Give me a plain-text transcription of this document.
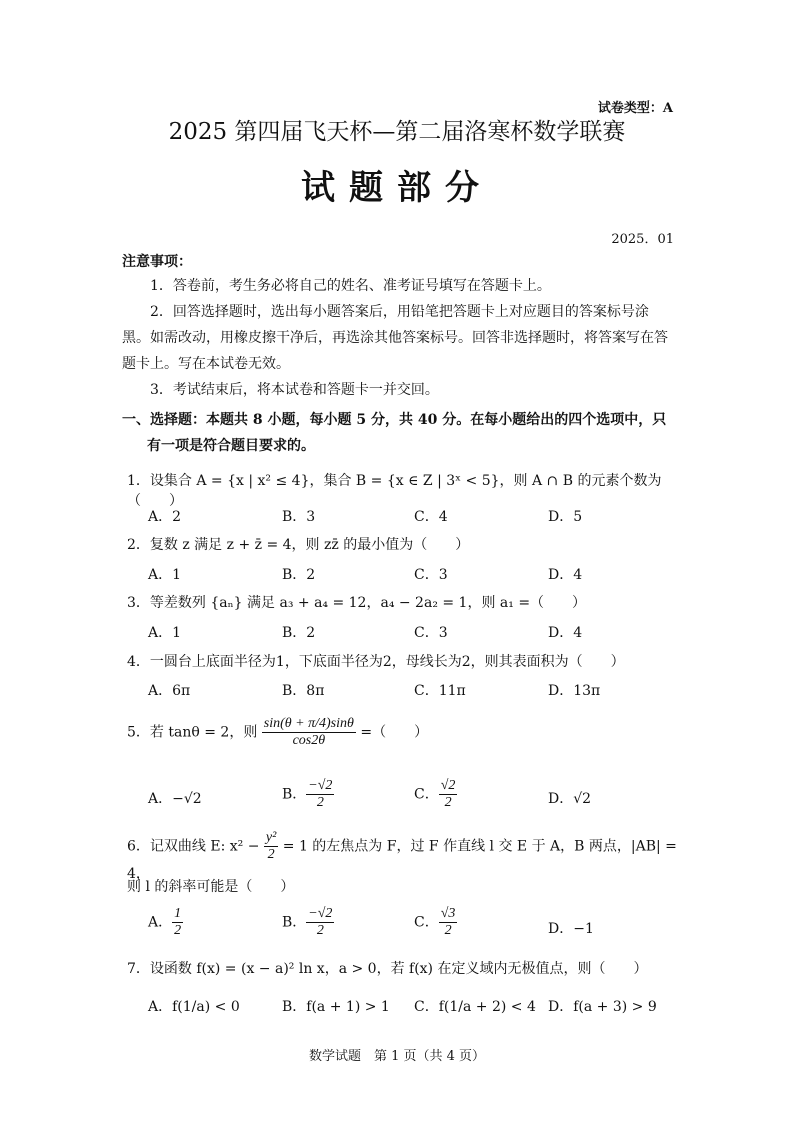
试卷类型：A
2025 第四届飞天杯—第二届洛寒杯数学联赛
试题部分
2025．01
注意事项：

1．答卷前，考生务必将自己的姓名、准考证号填写在答题卡上。

2．回答选择题时，选出每小题答案后，用铅笔把答题卡上对应题目的答案标号涂黑。如需改动，用橡皮擦干净后，再选涂其他答案标号。回答非选择题时，将答案写在答题卡上。写在本试卷无效。

3．考试结束后，将本试卷和答题卡一并交回。

一、选择题：本题共 8 小题，每小题 5 分，共 40 分。在每小题给出的四个选项中，只
有一项是符合题目要求的。
1．设集合 A = {x | x² ≤ 4}，集合 B = {x ∈ Z | 3ˣ < 5}，则 A ∩ B 的元素个数为（　　）
A．2	B．3	C．4	D．5
2．复数 z 满足 z + z̄ = 4，则 zz̄ 的最小值为（　　）
A．1	B．2	C．3	D．4
3．等差数列 {aₙ} 满足 a₃ + a₄ = 12，a₄ − 2a₂ = 1，则 a₁ =（　　）
A．1	B．2	C．3	D．4
4．一圆台上底面半径为1，下底面半径为2，母线长为2，则其表面积为（　　）
A．6π	B．8π	C．11π	D．13π
5．若 tanθ = 2，则 $\frac{\sin(\theta + \pi/4)\sin\theta}{\cos 2\theta}$ =（　　）
A．−√2	B． $\frac{-√2}{2}$	C． $\frac{√2}{2}$	D．√2
6．记双曲线 E: $x^2 - \frac{\text{y²}}{2} = 1$ 的左焦点为 F，过 F 作直线 l 交 E 于 A，B 两点，|AB| = 4，
则 l 的斜率可能是（　　）
A． $\frac{1}{2}$	B． $\frac{-√2}{2}$	C． $\frac{√3}{2}$	D．−1
7．设函数 f(x) = (x − a)² ln x，a > 0，若 f(x) 在定义域内无极值点，则（　　）
A．f(1/a) < 0	B．f(a + 1) > 1 C．f(1/a + 2) < 4 D．f(a + 3) > 9
数学试题　第 1 页（共 4 页）
